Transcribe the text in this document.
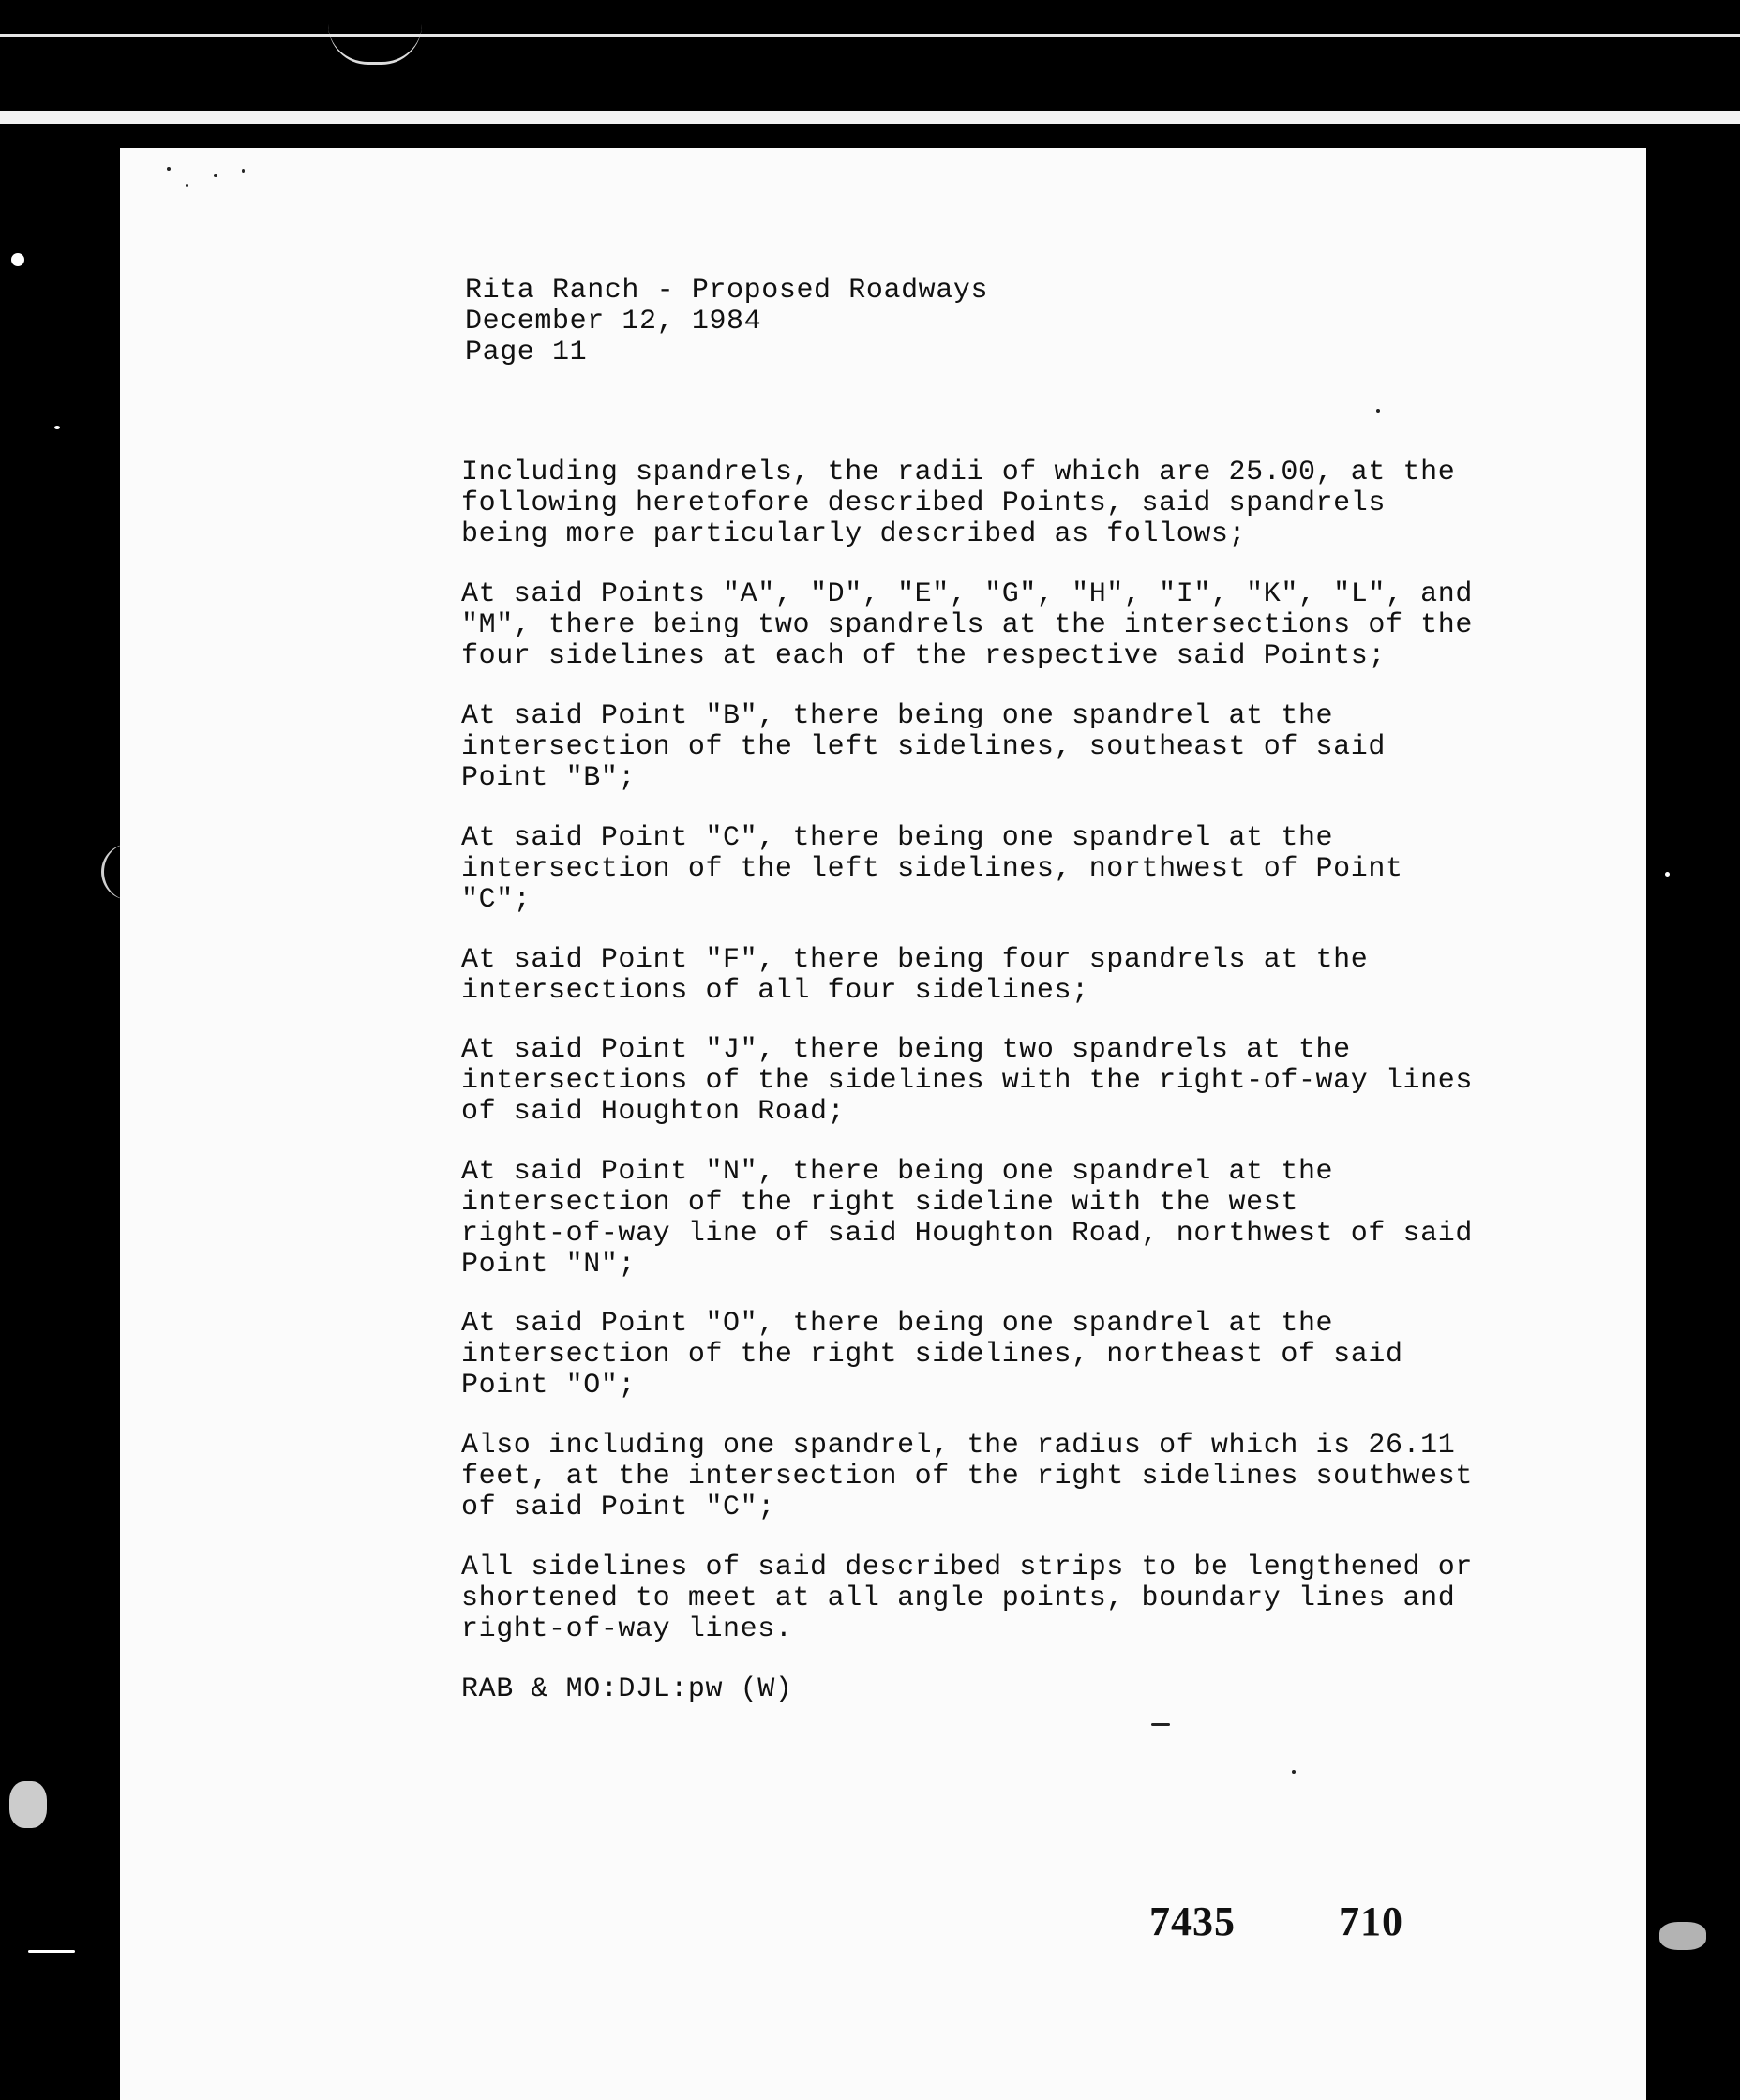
Rita Ranch - Proposed Roadways
December 12, 1984
Page 11
Including spandrels, the radii of which are 25.00, at the
following heretofore described Points, said spandrels
being more particularly described as follows;
At said Points "A", "D", "E", "G", "H", "I", "K", "L", and
"M", there being two spandrels at the intersections of the
four sidelines at each of the respective said Points;
At said Point "B", there being one spandrel at the
intersection of the left sidelines, southeast of said
Point "B";
At said Point "C", there being one spandrel at the
intersection of the left sidelines, northwest of Point
"C";
At said Point "F", there being four spandrels at the
intersections of all four sidelines;
At said Point "J", there being two spandrels at the
intersections of the sidelines with the right-of-way lines
of said Houghton Road;
At said Point "N", there being one spandrel at the
intersection of the right sideline with the west
right-of-way line of said Houghton Road, northwest of said
Point "N";
At said Point "O", there being one spandrel at the
intersection of the right sidelines, northeast of said
Point "O";
Also including one spandrel, the radius of which is 26.11
feet, at the intersection of the right sidelines southwest
of said Point "C";
All sidelines of said described strips to be lengthened or
shortened to meet at all angle points, boundary lines and
right-of-way lines.
RAB & MO:DJL:pw (W)
7435	710
